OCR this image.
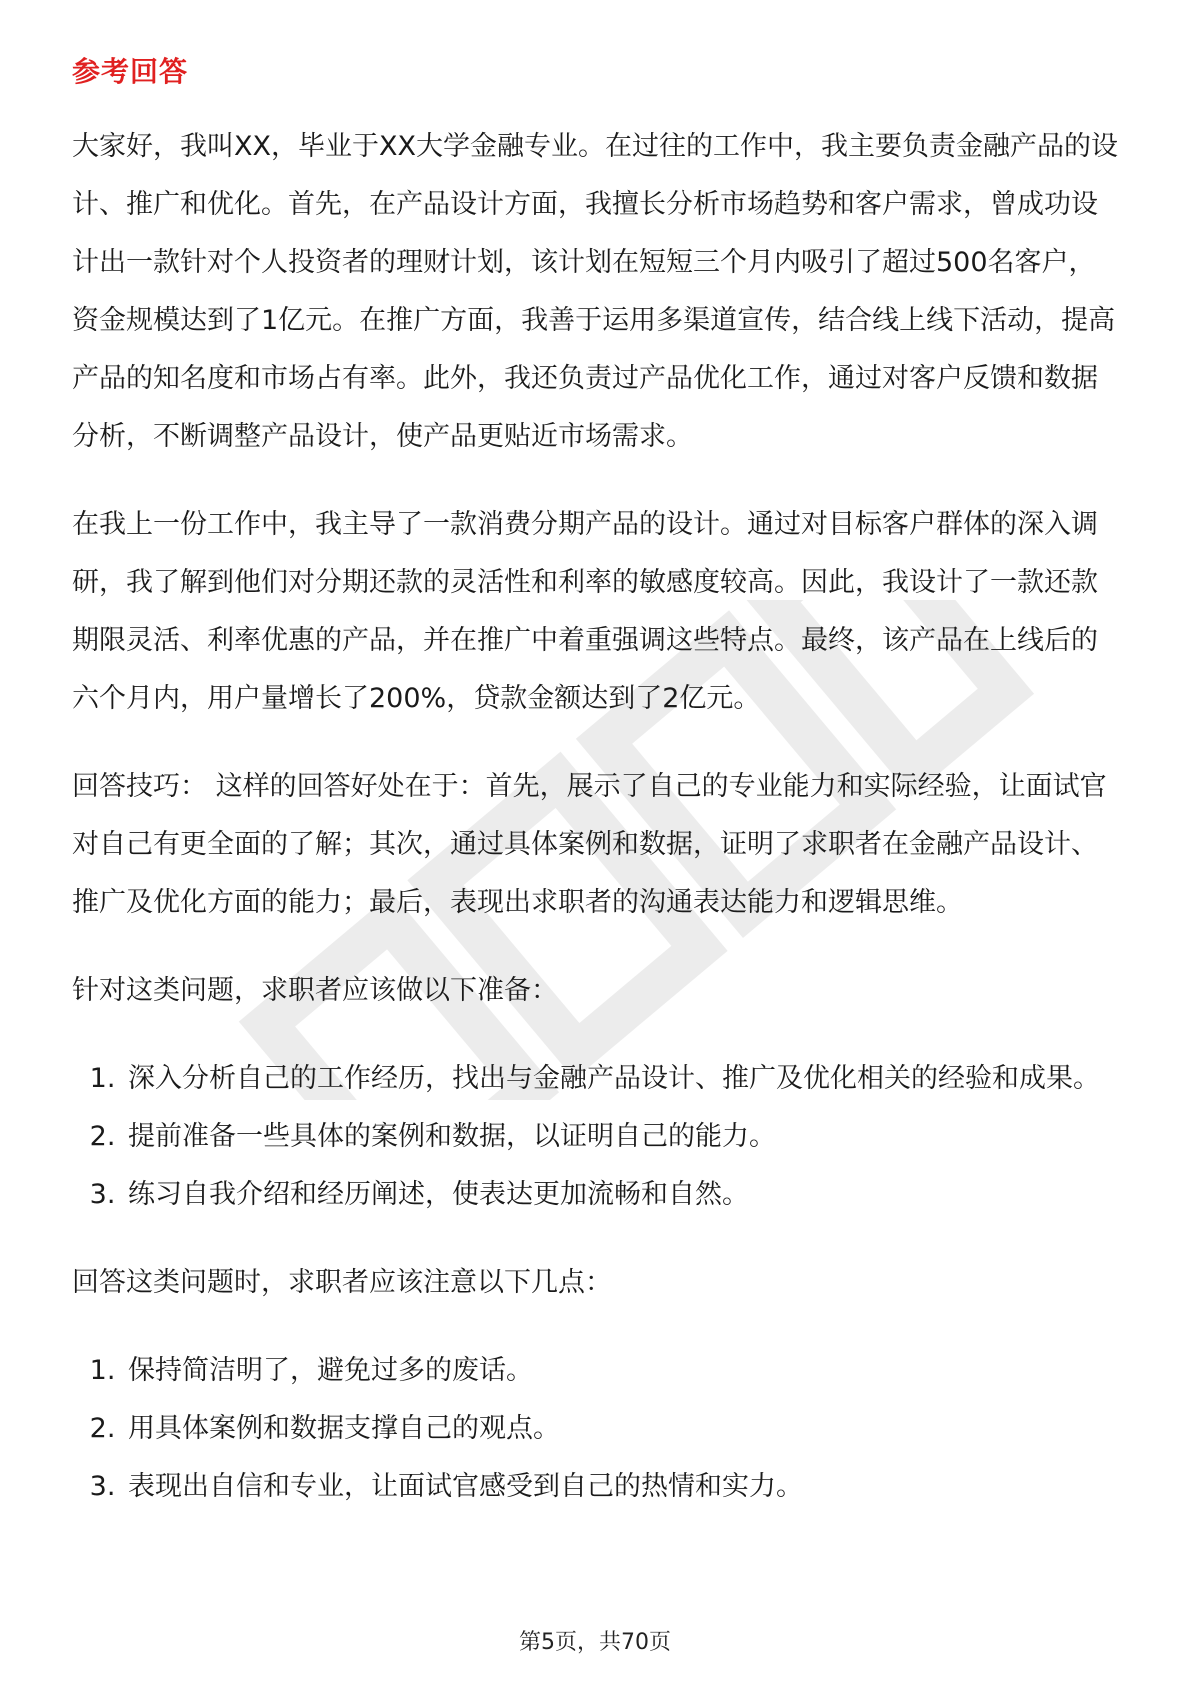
参考回答

大家好，我叫XX，毕业于XX大学金融专业。在过往的工作中，我主要负责金融产品的设计、推广和优化。首先，在产品设计方面，我擅长分析市场趋势和客户需求，曾成功设计出一款针对个人投资者的理财计划，该计划在短短三个月内吸引了超过500名客户，资金规模达到了1亿元。在推广方面，我善于运用多渠道宣传，结合线上线下活动，提高产品的知名度和市场占有率。此外，我还负责过产品优化工作，通过对客户反馈和数据分析，不断调整产品设计，使产品更贴近市场需求。

在我上一份工作中，我主导了一款消费分期产品的设计。通过对目标客户群体的深入调研，我了解到他们对分期还款的灵活性和利率的敏感度较高。因此，我设计了一款还款期限灵活、利率优惠的产品，并在推广中着重强调这些特点。最终，该产品在上线后的六个月内，用户量增长了200%，贷款金额达到了2亿元。

回答技巧： 这样的回答好处在于：首先，展示了自己的专业能力和实际经验，让面试官对自己有更全面的了解；其次，通过具体案例和数据，证明了求职者在金融产品设计、推广及优化方面的能力；最后，表现出求职者的沟通表达能力和逻辑思维。

针对这类问题，求职者应该做以下准备：

1. 深入分析自己的工作经历，找出与金融产品设计、推广及优化相关的经验和成果。
2. 提前准备一些具体的案例和数据，以证明自己的能力。
3. 练习自我介绍和经历阐述，使表达更加流畅和自然。

回答这类问题时，求职者应该注意以下几点：

1. 保持简洁明了，避免过多的废话。
2. 用具体案例和数据支撑自己的观点。
3. 表现出自信和专业，让面试官感受到自己的热情和实力。
第5页，共70页
